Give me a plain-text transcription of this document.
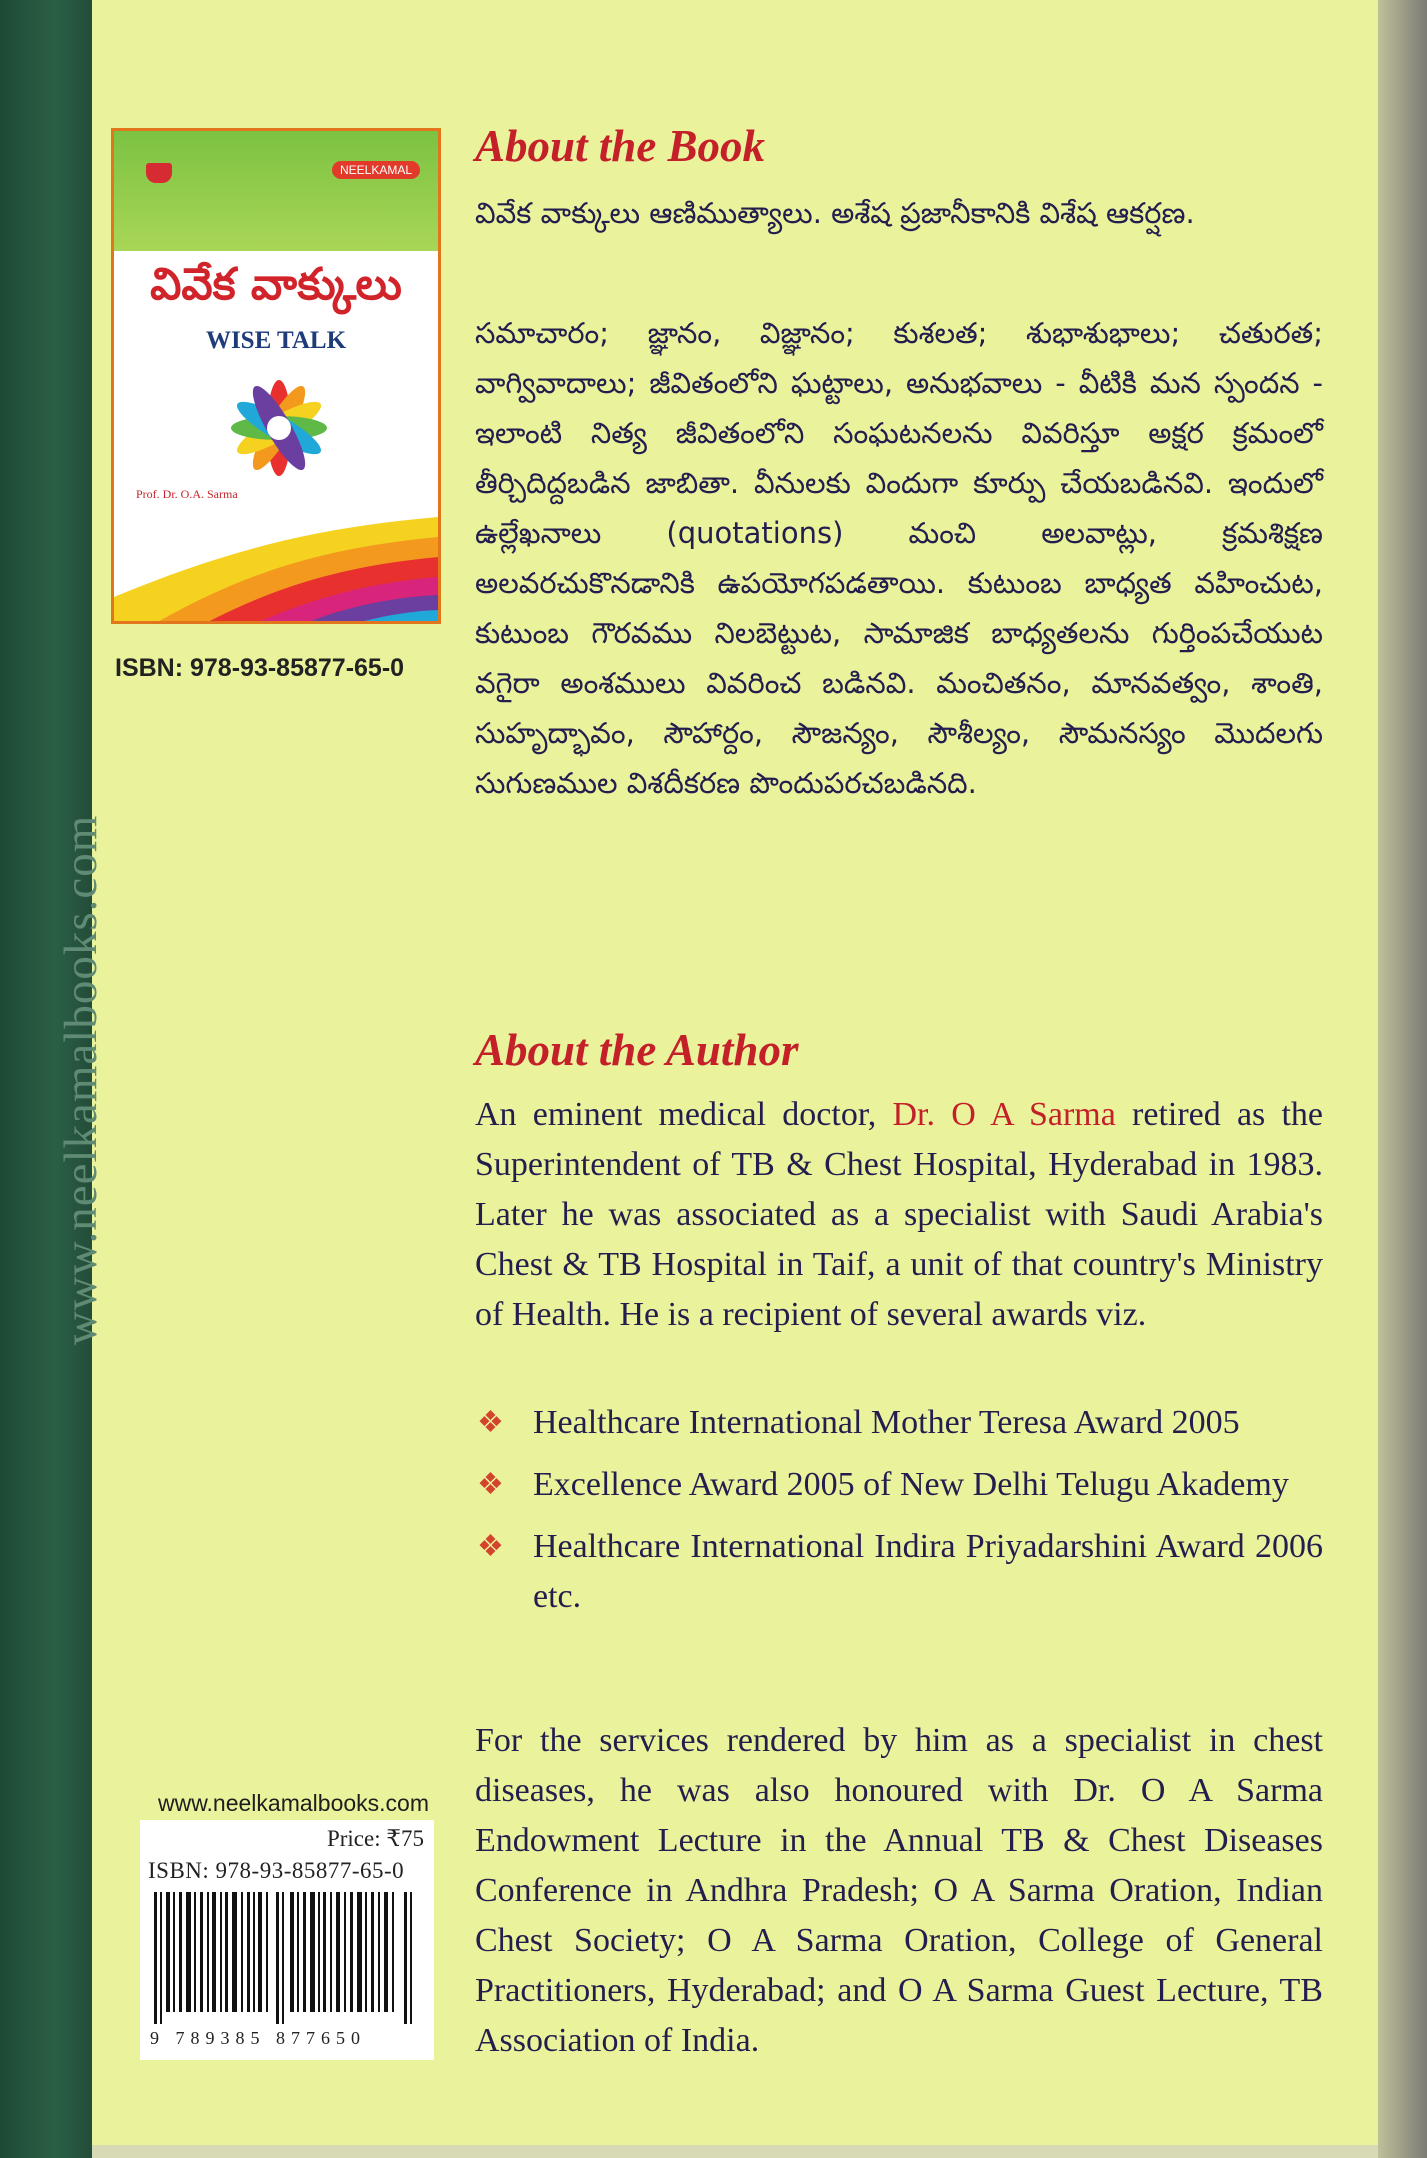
www.neelkamalbooks.com
NEELKAMAL
వివేక వాక్కులు
WISE TALK
Prof. Dr. O.A. Sarma
ISBN: 978-93-85877-65-0
About the Book

వివేక వాక్కులు ఆణిముత్యాలు. అశేష ప్రజానీకానికి విశేష ఆకర్షణ.

సమాచారం; జ్ఞానం, విజ్ఞానం; కుశలత; శుభాశుభాలు; చతురత; వాగ్వివాదాలు; జీవితంలోని ఘట్టాలు, అనుభవాలు - వీటికి మన స్పందన - ఇలాంటి నిత్య జీవితంలోని సంఘటనలను వివరిస్తూ అక్షర క్రమంలో తీర్చిదిద్దబడిన జాబితా. వీనులకు విందుగా కూర్పు చేయబడినవి. ఇందులో ఉల్లేఖనాలు (quotations) మంచి అలవాట్లు, క్రమశిక్షణ అలవరచుకొనడానికి ఉపయోగపడతాయి. కుటుంబ బాధ్యత వహించుట, కుటుంబ గౌరవము నిలబెట్టుట, సామాజిక బాధ్యతలను గుర్తింపచేయుట వగైరా అంశములు వివరించ బడినవి. మంచితనం, మానవత్వం, శాంతి, సుహృద్భావం, సౌహార్దం, సౌజన్యం, సౌశీల్యం, సౌమనస్యం మొదలగు సుగుణముల విశదీకరణ పొందుపరచబడినది.

About the Author

An eminent medical doctor, Dr. O A Sarma retired as the Superintendent of TB & Chest Hospital, Hyderabad in 1983. Later he was associated as a specialist with Saudi Arabia's Chest & TB Hospital in Taif, a unit of that country's Ministry of Health. He is a recipient of several awards viz.

❖ Healthcare International Mother Teresa Award 2005
❖ Excellence Award 2005 of New Delhi Telugu Akademy
❖ Healthcare International Indira Priyadarshini Award 2006 etc.

For the services rendered by him as a specialist in chest diseases, he was also honoured with Dr. O A Sarma Endowment Lecture in the Annual TB & Chest Diseases Conference in Andhra Pradesh; O A Sarma Oration, Indian Chest Society; O A Sarma Oration, College of General Practitioners, Hyderabad; and O A Sarma Guest Lecture, TB Association of India.

www.neelkamalbooks.com
Price: ₹75
ISBN: 978-93-85877-65-0
9 789385 877650
